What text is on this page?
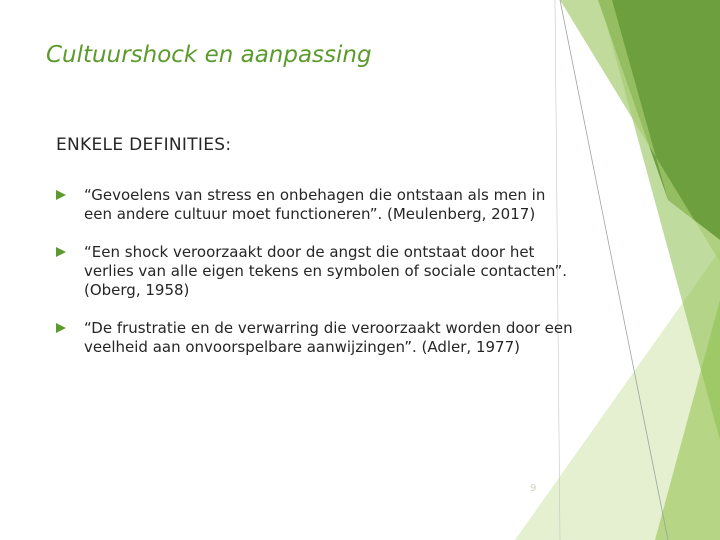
Cultuurshock en aanpassing
ENKELE DEFINITIES:
“Gevoelens van stress en onbehagen die ontstaan als men in een andere cultuur moet functioneren”. (Meulenberg, 2017)
“Een shock veroorzaakt door de angst die ontstaat door het verlies van alle eigen tekens en symbolen of sociale contacten”. (Oberg, 1958)
“De frustratie en de verwarring die veroorzaakt worden door een veelheid aan onvoorspelbare aanwijzingen”. (Adler, 1977)
9
